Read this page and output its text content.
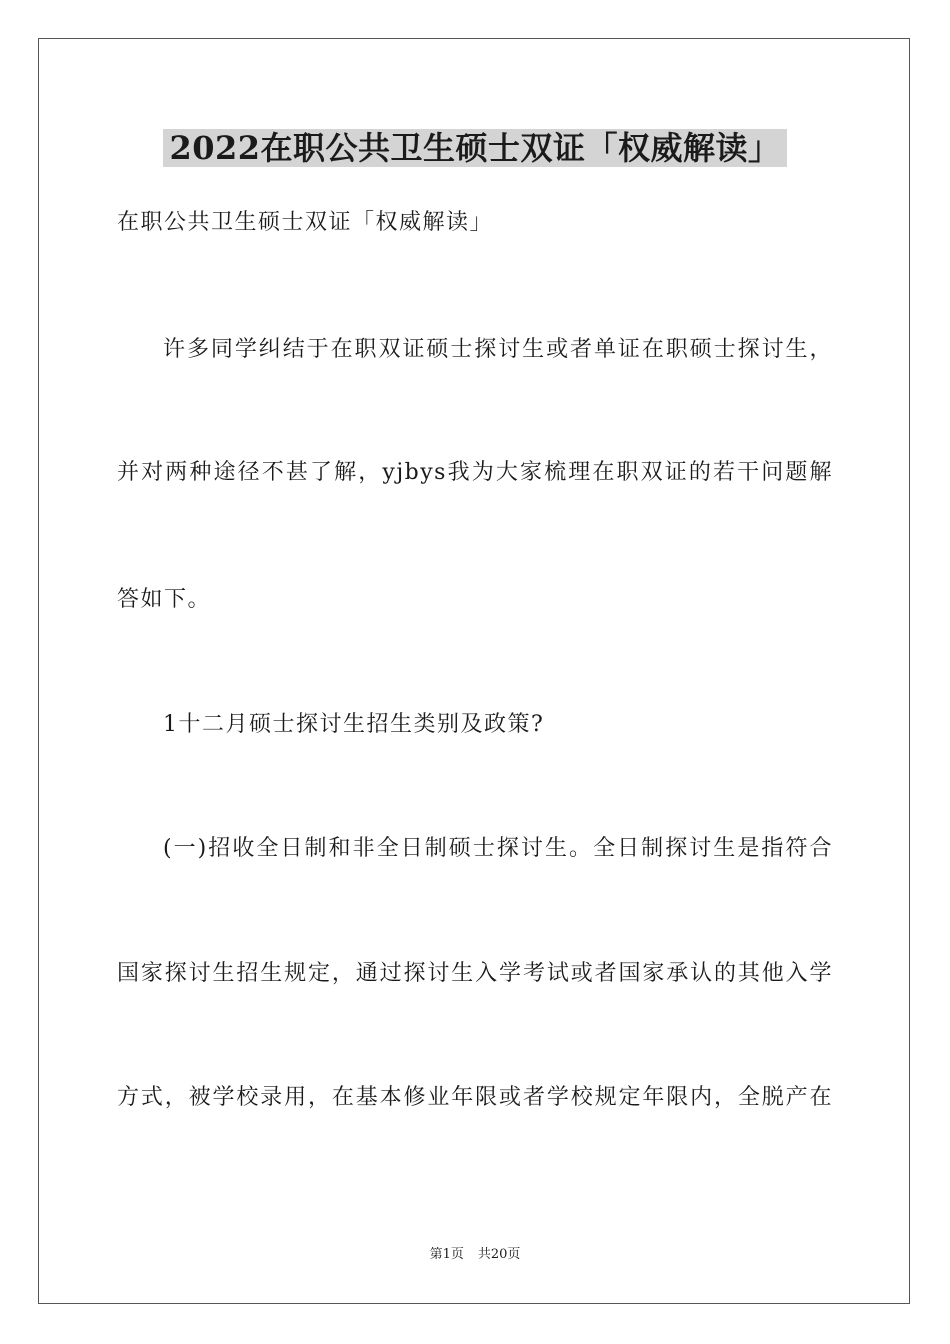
2022在职公共卫生硕士双证「权威解读」
在职公共卫生硕士双证「权威解读」
许多同学纠结于在职双证硕士探讨生或者单证在职硕士探讨生，
并对两种途径不甚了解，yjbys我为大家梳理在职双证的若干问题解
答如下。
1十二月硕士探讨生招生类别及政策?
(一)招收全日制和非全日制硕士探讨生。全日制探讨生是指符合
国家探讨生招生规定，通过探讨生入学考试或者国家承认的其他入学
方式，被学校录用，在基本修业年限或者学校规定年限内，全脱产在
第1页 共20页
